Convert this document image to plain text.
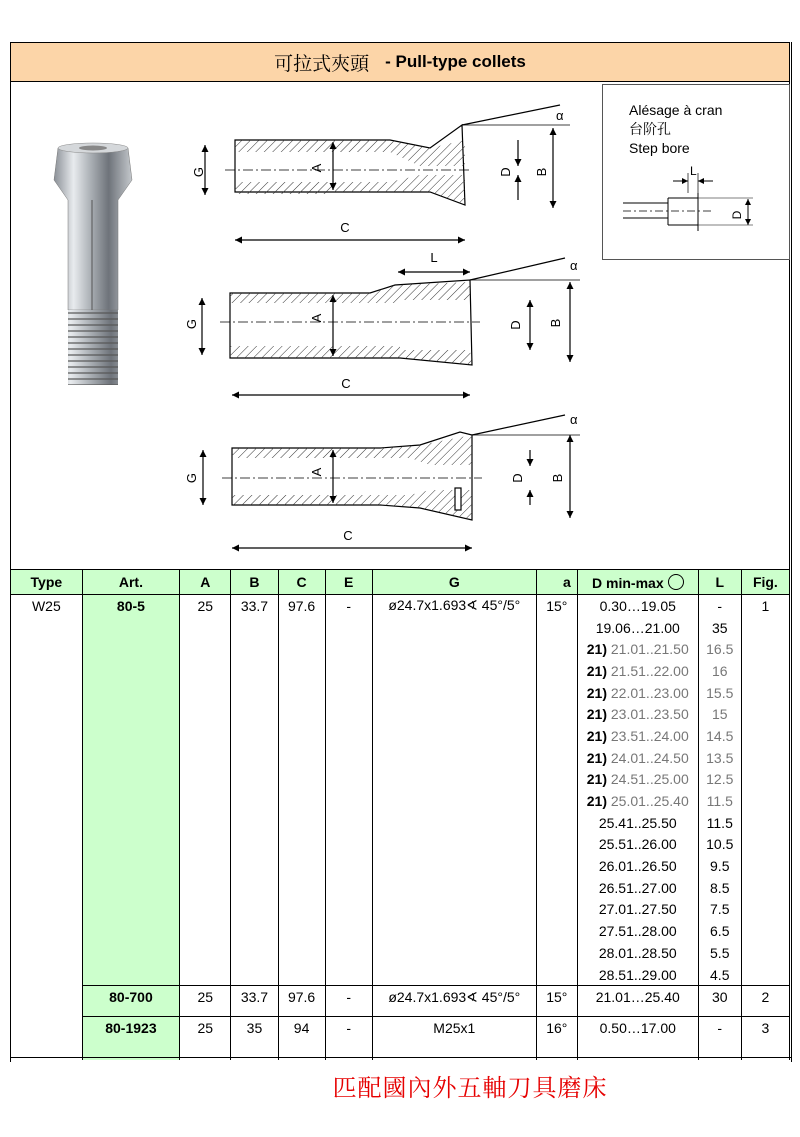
可拉式夾頭 - Pull-type collets
G	A	D B
C
α
G
A
D B
L
C
α
G
A
D B
C
α
Alésage à cran
台阶孔
Step bore
L
D
Type	Art.	A	B	C	E	G	a	D min-max	L	Fig.
W25	80-5	25	33.7	97.6	-	ø24.7x1.693∢ 45°/5°	15°	0.30…19.05	-	1
								19.06…21.00	35	
								21) 21.01..21.50	16.5	
								21) 21.51..22.00	16	
								21) 22.01..23.00	15.5	
								21) 23.01..23.50	15	
								21) 23.51..24.00	14.5	
								21) 24.01..24.50	13.5	
								21) 24.51..25.00	12.5	
								21) 25.01..25.40	11.5	
								25.41..25.50	11.5	
								25.51..26.00	10.5	
								26.01..26.50	9.5	
								26.51..27.00	8.5	
								27.01..27.50	7.5	
								27.51..28.00	6.5	
								28.01..28.50	5.5	
								28.51..29.00	4.5	
	80-700	25	33.7	97.6	-	ø24.7x1.693∢ 45°/5°	15°	21.01…25.40	30	2

	80-1923	25	35	94	-	M25x1	16°	0.50…17.00	-	3

匹配國內外五軸刀具磨床
